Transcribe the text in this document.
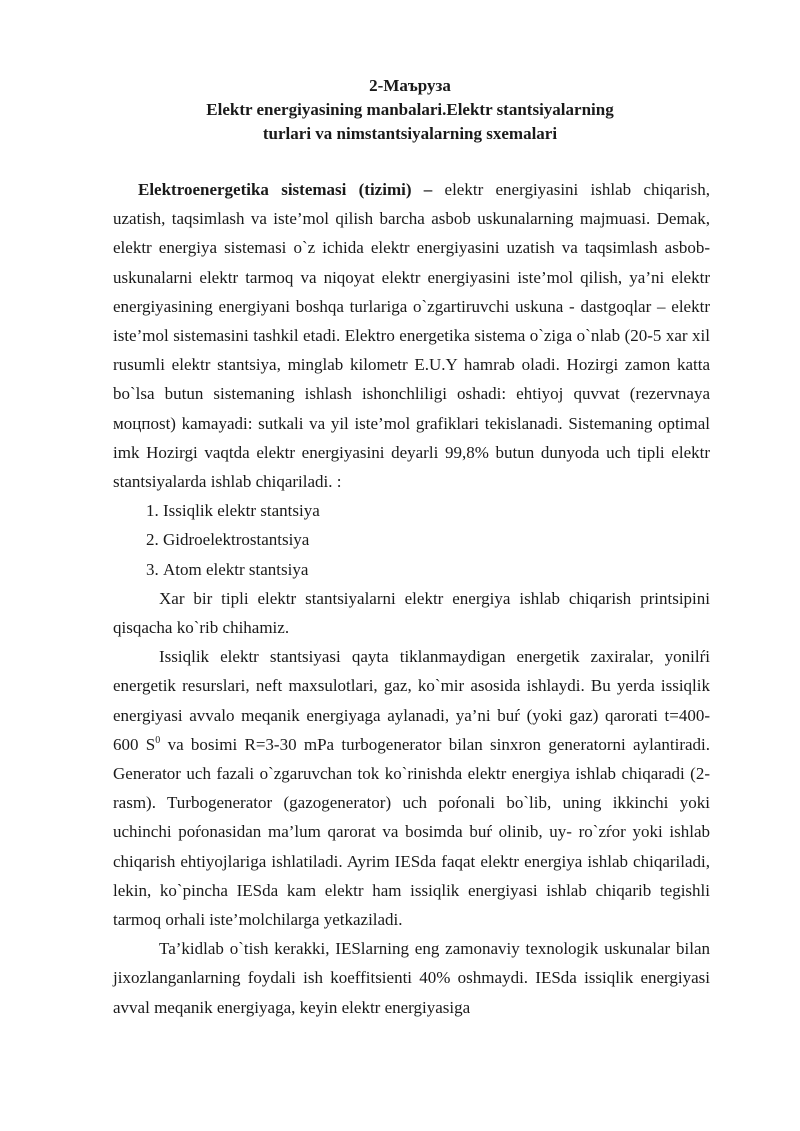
2-Маъруза
Elektr energiyasining manbalari.Elektr stantsiyalarning
turlari va nimstantsiyalarning sxemalari

Elektroenergetika sistemasi (tizimi) – elektr energiyasini ishlab chiqarish, uzatish, taqsimlash va iste’mol qilish barcha asbob uskunalarning majmuasi. Demak, elektr energiya sistemasi o`z ichida elektr energiyasini uzatish va taqsimlash asbob-uskunalarni elektr tarmoq va niqoyat elektr energiyasini iste’mol qilish, ya’ni elektr energiyasining energiyani boshqa turlariga o`zgartiruvchi uskuna - dastgoqlar – elektr iste’mol sistemasini tashkil etadi. Elektro energetika sistema o`ziga o`nlab (20-5 xar xil rusumli elektr stantsiya, minglab kilometr E.U.Y hamrab oladi. Hozirgi zamon katta bo`lsa butun sistemaning ishlash ishonchliligi oshadi: ehtiyoj quvvat (rezervnaya моцпost) kamayadi: sutkali va yil iste’mol grafiklari tekislanadi. Sistemaning optimal imk Hozirgi vaqtda elektr energiyasini deyarli 99,8% butun dunyoda uch tipli elektr stantsiyalarda ishlab chiqariladi. :

1. Issiqlik elektr stantsiya
2. Gidroelektrostantsiya
3. Atom elektr stantsiya

Xar bir tipli elektr stantsiyalarni elektr energiya ishlab chiqarish printsipini qisqacha ko`rib chihamiz.

Issiqlik elektr stantsiyasi qayta tiklanmaydigan energetik zaxiralar, yonilŕi energetik resurslari, neft maxsulotlari, gaz, ko`mir asosida ishlaydi. Bu yerda issiqlik energiyasi avvalo meqanik energiyaga aylanadi, ya’ni buŕ (yoki gaz) qarorati t=400-600 $S^0$ va bosimi R=3-30 mPa turbogenerator bilan sinxron generatorni aylantiradi. Generator uch fazali o`zgaruvchan tok ko`rinishda elektr energiya ishlab chiqaradi (2-rasm). Turbogenerator (gazogenerator) uch poŕonali bo`lib, uning ikkinchi yoki uchinchi poŕonasidan ma’lum qarorat va bosimda buŕ olinib, uy- ro`zŕor yoki ishlab chiqarish ehtiyojlariga ishlatiladi. Ayrim IESda faqat elektr energiya ishlab chiqariladi, lekin, ko`pincha IESda kam elektr ham issiqlik energiyasi ishlab chiqarib tegishli tarmoq orhali iste’molchilarga yetkaziladi.

Ta’kidlab o`tish kerakki, IESlarning eng zamonaviy texnologik uskunalar bilan jixozlanganlarning foydali ish koeffitsienti 40% oshmaydi. IESda issiqlik energiyasi avval meqanik energiyaga, keyin elektr energiyasiga
